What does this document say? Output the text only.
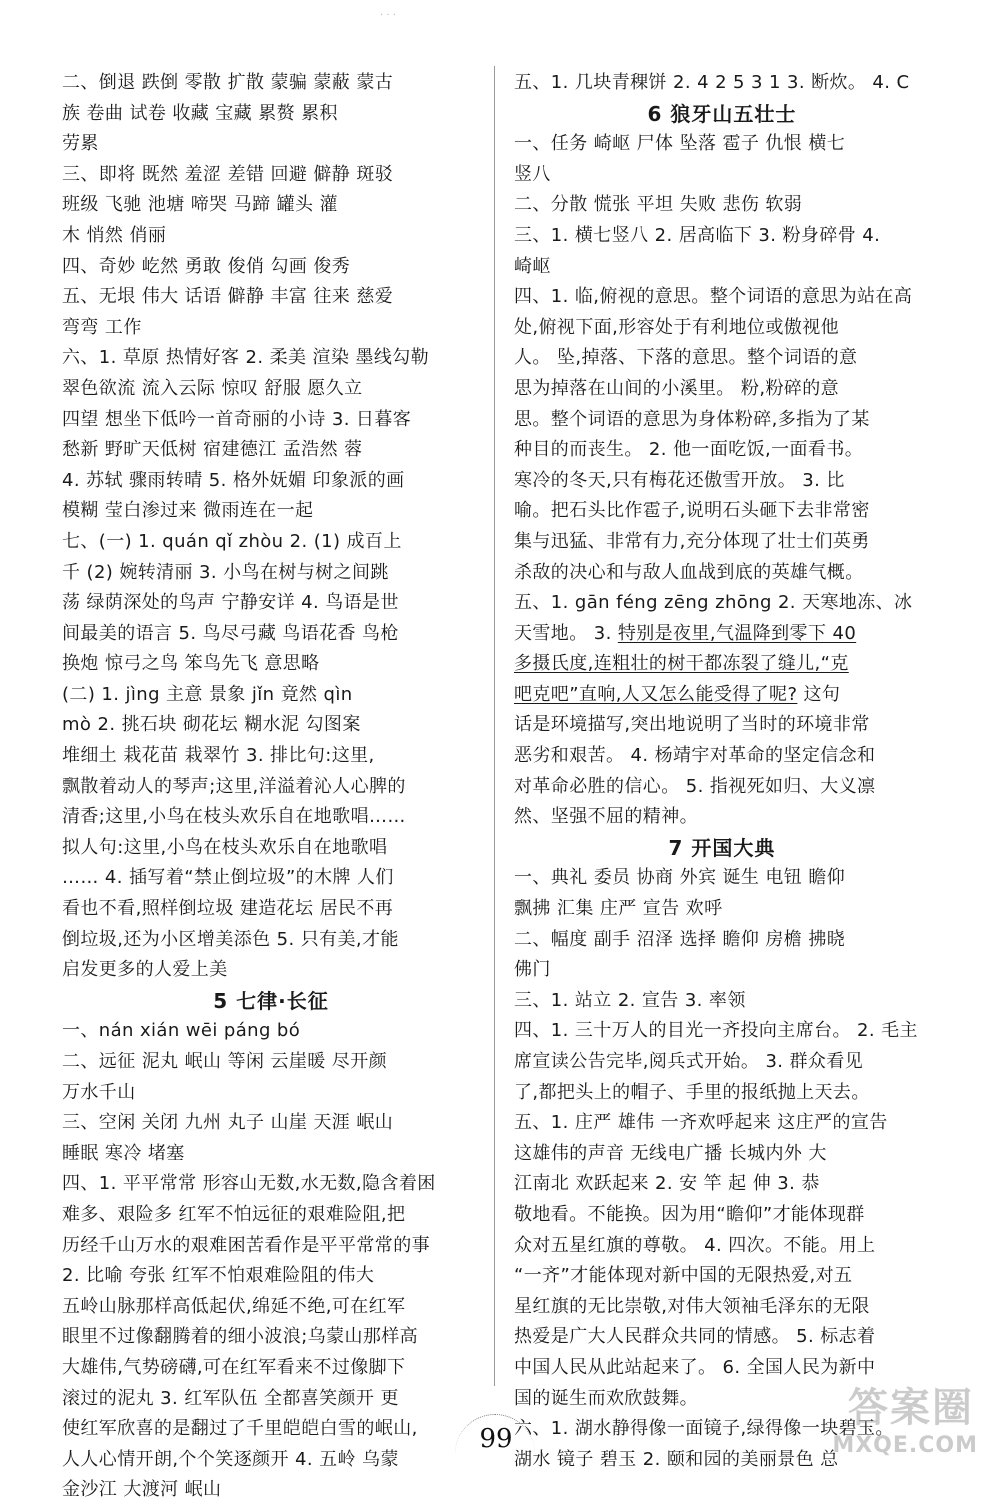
· · ·
二、倒退 跌倒 零散 扩散 蒙骗 蒙蔽 蒙古
族 卷曲 试卷 收藏 宝藏 累赘 累积
劳累
三、即将 既然 羞涩 差错 回避 僻静 斑驳
班级 飞驰 池塘 啼哭 马蹄 罐头 灌
木 悄然 俏丽
四、奇妙 屹然 勇敢 俊俏 勾画 俊秀
五、无垠 伟大 话语 僻静 丰富 往来 慈爱
弯弯 工作
六、1. 草原 热情好客 2. 柔美 渲染 墨线勾勒
翠色欲流 流入云际 惊叹 舒服 愿久立
四望 想坐下低吟一首奇丽的小诗 3. 日暮客
愁新 野旷天低树 宿建德江 孟浩然 蓉
4. 苏轼 骤雨转晴 5. 格外妩媚 印象派的画
模糊 莹白渗过来 微雨连在一起
七、(一) 1. quán qǐ zhòu 2. (1) 成百上
千 (2) 婉转清丽 3. 小鸟在树与树之间跳
荡 绿荫深处的鸟声 宁静安详 4. 鸟语是世
间最美的语言 5. 鸟尽弓藏 鸟语花香 鸟枪
换炮 惊弓之鸟 笨鸟先飞 意思略
(二) 1. jìng 主意 景象 jǐn 竟然 qìn
mò 2. 挑石块 砌花坛 糊水泥 勾图案
堆细土 栽花苗 栽翠竹 3. 排比句:这里,
飘散着动人的琴声;这里,洋溢着沁人心脾的
清香;这里,小鸟在枝头欢乐自在地歌唱……
拟人句:这里,小鸟在枝头欢乐自在地歌唱
…… 4. 插写着“禁止倒垃圾”的木牌 人们
看也不看,照样倒垃圾 建造花坛 居民不再
倒垃圾,还为小区增美添色 5. 只有美,才能
启发更多的人爱上美
5 七律·长征
一、nán xián wēi páng bó
二、远征 泥丸 岷山 等闲 云崖暖 尽开颜
万水千山
三、空闲 关闭 九州 丸子 山崖 天涯 岷山
睡眠 寒冷 堵塞
四、1. 平平常常 形容山无数,水无数,隐含着困
难多、艰险多 红军不怕远征的艰难险阻,把
历经千山万水的艰难困苦看作是平平常常的事
2. 比喻 夸张 红军不怕艰难险阻的伟大
五岭山脉那样高低起伏,绵延不绝,可在红军
眼里不过像翻腾着的细小波浪;乌蒙山那样高
大雄伟,气势磅礴,可在红军看来不过像脚下
滚过的泥丸 3. 红军队伍 全都喜笑颜开 更
使红军欣喜的是翻过了千里皑皑白雪的岷山,
人人心情开朗,个个笑逐颜开 4. 五岭 乌蒙
金沙江 大渡河 岷山
五、1. 几块青稞饼 2. 4 2 5 3 1 3. 断炊。 4. C
6 狼牙山五壮士
一、任务 崎岖 尸体 坠落 雹子 仇恨 横七
竖八
二、分散 慌张 平坦 失败 悲伤 软弱
三、1. 横七竖八 2. 居高临下 3. 粉身碎骨 4.
崎岖
四、1. 临,俯视的意思。整个词语的意思为站在高
处,俯视下面,形容处于有利地位或傲视他
人。 坠,掉落、下落的意思。整个词语的意
思为掉落在山间的小溪里。 粉,粉碎的意
思。整个词语的意思为身体粉碎,多指为了某
种目的而丧生。 2. 他一面吃饭,一面看书。
寒冷的冬天,只有梅花还傲雪开放。 3. 比
喻。把石头比作雹子,说明石头砸下去非常密
集与迅猛、非常有力,充分体现了壮士们英勇
杀敌的决心和与敌人血战到底的英雄气概。
五、1. gān féng zēng zhōng 2. 天寒地冻、冰
天雪地。 3. 特别是夜里,气温降到零下 40
多摄氏度,连粗壮的树干都冻裂了缝儿,“克
吧克吧”直响,人又怎么能受得了呢? 这句
话是环境描写,突出地说明了当时的环境非常
恶劣和艰苦。 4. 杨靖宇对革命的坚定信念和
对革命必胜的信心。 5. 指视死如归、大义凛
然、坚强不屈的精神。
7 开国大典
一、典礼 委员 协商 外宾 诞生 电钮 瞻仰
飘拂 汇集 庄严 宣告 欢呼
二、幅度 副手 沼泽 选择 瞻仰 房檐 拂晓
佛门
三、1. 站立 2. 宣告 3. 率领
四、1. 三十万人的目光一齐投向主席台。 2. 毛主
席宣读公告完毕,阅兵式开始。 3. 群众看见
了,都把头上的帽子、手里的报纸抛上天去。
五、1. 庄严 雄伟 一齐欢呼起来 这庄严的宣告
这雄伟的声音 无线电广播 长城内外 大
江南北 欢跃起来 2. 安 竿 起 伸 3. 恭
敬地看。不能换。因为用“瞻仰”才能体现群
众对五星红旗的尊敬。 4. 四次。不能。用上
“一齐”才能体现对新中国的无限热爱,对五
星红旗的无比崇敬,对伟大领袖毛泽东的无限
热爱是广大人民群众共同的情感。 5. 标志着
中国人民从此站起来了。 6. 全国人民为新中
国的诞生而欢欣鼓舞。
六、1. 湖水静得像一面镜子,绿得像一块碧玉。
湖水 镜子 碧玉 2. 颐和园的美丽景色 总
99
答案圈
MXQE.COM
